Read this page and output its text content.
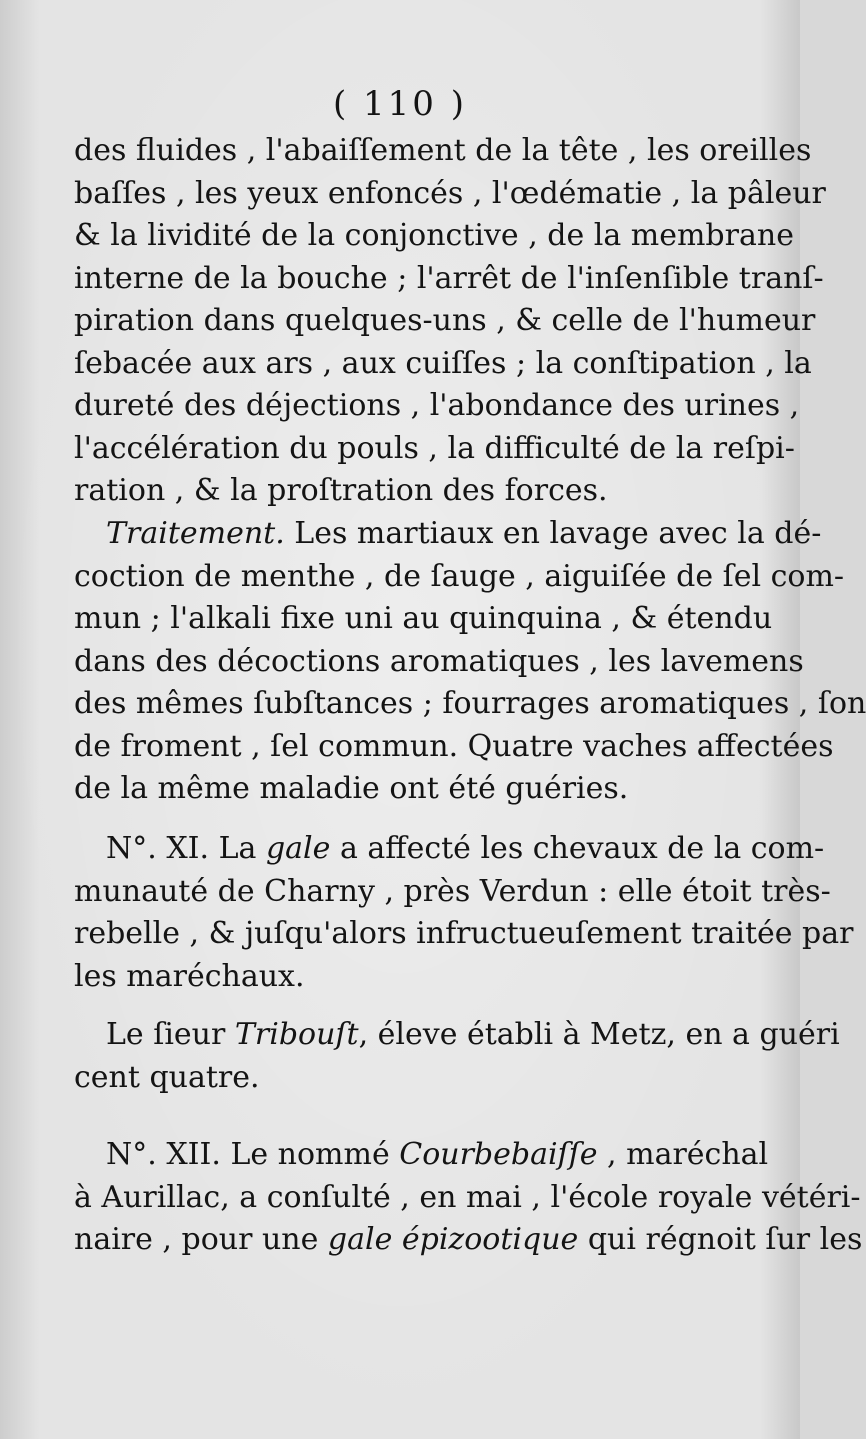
( 110 )
des fluides , l'abaiſſement de la tête , les oreilles
baſſes , les yeux enfoncés , l'œdématie , la pâleur
& la lividité de la conjonctive , de la membrane
interne de la bouche ; l'arrêt de l'inſenſible tranſ-
piration dans quelques-uns , & celle de l'humeur
ſebacée aux ars , aux cuiſſes ; la conſtipation , la
dureté des déjections , l'abondance des urines ,
l'accélération du pouls , la difficulté de la reſpi-
ration , & la proſtration des forces.
Traitement. Les martiaux en lavage avec la dé-
coction de menthe , de ſauge , aiguiſée de ſel com-
mun ; l'alkali fixe uni au quinquina , & étendu
dans des décoctions aromatiques , les lavemens
des mêmes ſubſtances ; fourrages aromatiques , ſon
de froment , ſel commun. Quatre vaches affectées
de la même maladie ont été guéries.
N°. XI. La gale a affecté les chevaux de la com-
munauté de Charny , près Verdun : elle étoit très-
rebelle , & juſqu'alors infructueuſement traitée par
les maréchaux.
Le ſieur Tribouſt, éleve établi à Metz, en a guéri
cent quatre.
N°. XII. Le nommé Courbebaiſſe , maréchal
à Aurillac, a conſulté , en mai , l'école royale vétéri-
naire , pour une gale épizootique qui régnoit ſur les
